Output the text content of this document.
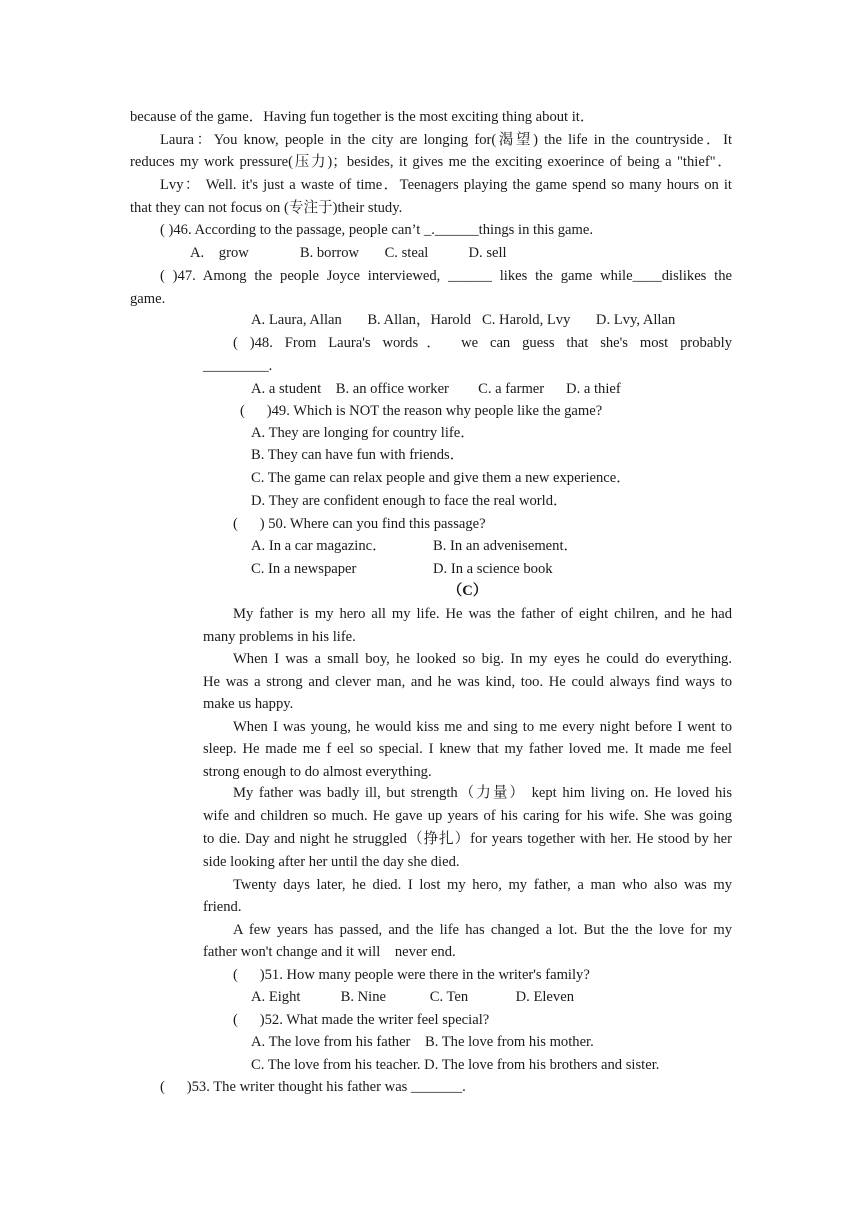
because of the game．Having fun together is the most exciting thing about it．
Laura：You know, people in the city are longing for(渴望) the life in the countryside．It
reduces my work pressure(压力)；besides, it gives me the exciting exoerince of being a "thief"．
Lvy： Well. it's just a waste of time．Teenagers playing the game spend so many hours on it
that they can not focus on (专注于)their study.
( )46. According to the passage, people can’t _.______things in this game.
A.    grow              B. borrow       C. steal           D. sell
( )47. Among the people Joyce interviewed, ______ likes the game while____dislikes the
game.
A. Laura, Allan       B. Allan，Harold   C. Harold, Lvy       D. Lvy, Allan
( )48. From Laura's words． we can guess that she's most probably
_________.
A. a student    B. an office worker        C. a farmer      D. a thief
(      )49. Which is NOT the reason why people like the game?
A. They are longing for country life．
B. They can have fun with friends．
C. The game can relax people and give them a new experience．
D. They are confident enough to face the real world．
(      ) 50. Where can you find this passage?
A. In a car magazinc．	B. In an advenisement．
C. In a newspaper	D. In a science book
（C）
My father is my hero all my life. He was the father of eight chilren, and he had
many problems in his life.
When I was a small boy, he looked so big. In my eyes he could do everything.
He was a strong and clever man, and he was kind, too. He could always find ways to
make us happy.
When I was young, he would kiss me and sing to me every night before I went to
sleep. He made me f eel so special. I knew that my father loved me. It made me feel
strong enough to do almost everything.
My father was badly ill, but strength（力量） kept him living on. He loved his
wife and children so much. He gave up years of his caring for his wife. She was going
to die. Day and night he struggled（挣扎）for years together with her. He stood by her
side looking after her until the day she died.
Twenty days later, he died. I lost my hero, my father, a man who also was my
friend.
A few years has passed, and the life has changed a lot. But the the love for my
father won't change and it will    never end.
(      )51. How many people were there in the writer's family?
A. Eight           B. Nine            C. Ten             D. Eleven
(      )52. What made the writer feel special?
A. The love from his father    B. The love from his mother.
C. The love from his teacher. D. The love from his brothers and sister.
(      )53. The writer thought his father was _______.
